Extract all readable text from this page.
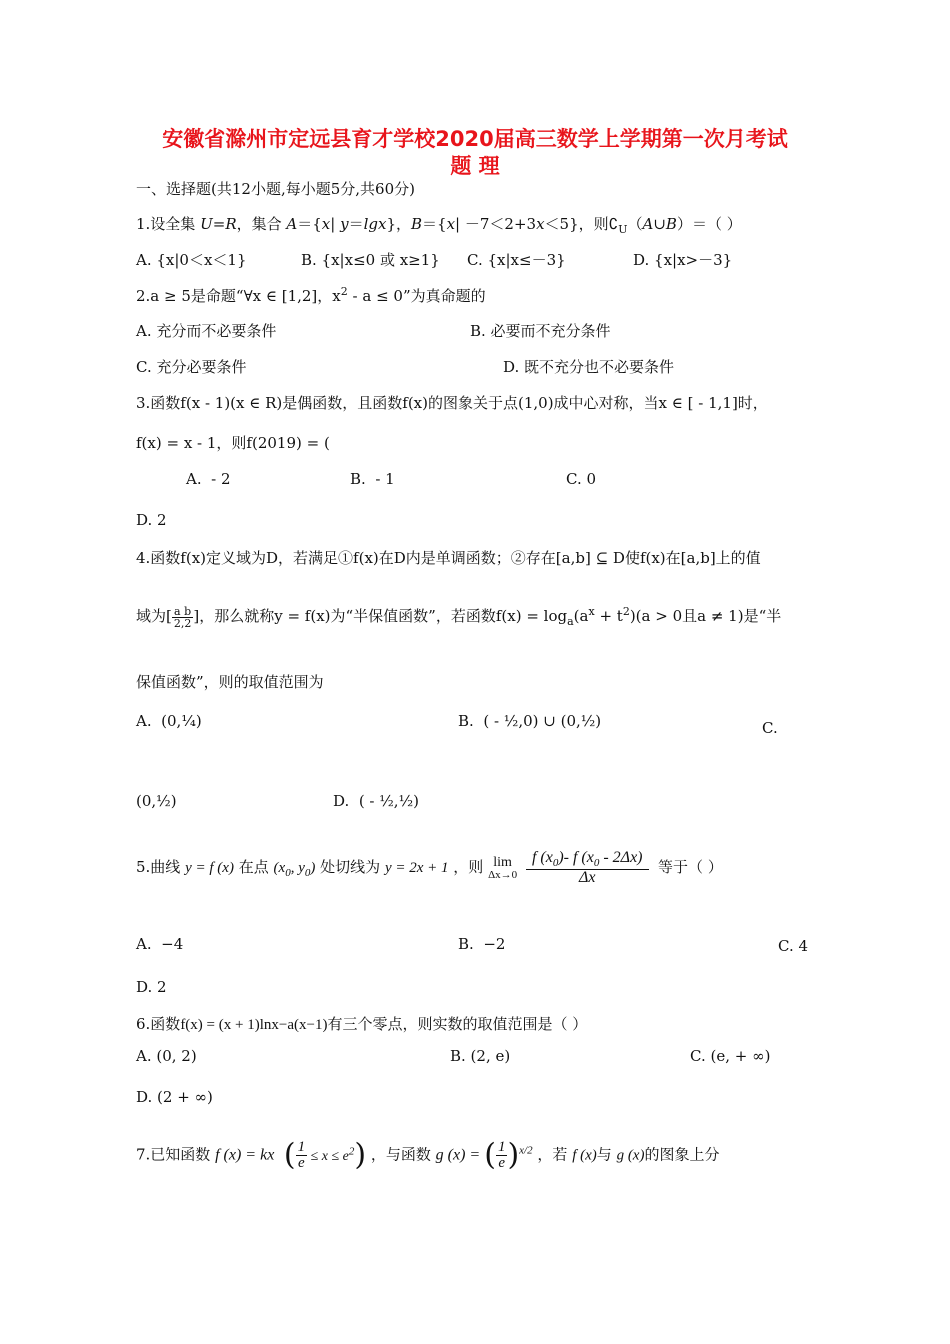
安徽省滁州市定远县育才学校2020届高三数学上学期第一次月考试
题 理
一、选择题(共12小题,每小题5分,共60分)
1.设全集 U=R，集合 A＝{x| y＝lgx}，B＝{x| －7＜2+3x＜5}，则$∁_U(A\cup B)=$（ ）
A. {x|0＜x＜1}	B. {x|x≤0 或 x≥1} C. {x|x≤－3}	D. {x|x>－3}
2.a ≥ 5是命题“∀x ∈ [1,2]，$x^2 - a \le 0$”为真命题的
A. 充分而不必要条件	B. 必要而不充分条件
C. 充分必要条件	D. 既不充分也不必要条件
3.函数f(x - 1)(x ∈ R)是偶函数，且函数f(x)的图象关于点(1,0)成中心对称，当x ∈ [ - 1,1]时，
f(x) = x - 1，则f(2019) = (
A. - 2	B. - 1	C. 0
D. 2
4.函数f(x)定义域为D，若满足①f(x)在D内是单调函数；②存在[a,b] ⊆ D使f(x)在[a,b]上的值
域为[ $\frac{\text{a b}}{2,2}$ ]，那么就称y = f(x)为“半保值函数”，若函数$f(x) = \log_a(a^x + t^2)(a > 0$且a ≠ 1)是“半
保值函数”，则的取值范围为
A. (0,¹⁄₄)	B. ( - ½,0) ∪ (0,½)	C.
(0,½)	D. ( - ½,½)
5.曲线 y = f (x) 在点 ($x_0$, $y_0$) 处切线为 y = 2x + 1 ，则 lim
Δx→0
$\frac{f (x_0)- f (x_0 - 2\Delta x)}{\Delta x}$ 等于（ ）
A. −4	B. −2	C. 4
D. 2
6.函数f(x) = (x + 1)lnx−a(x−1)有三个零点，则实数的取值范围是（ ）
A. (0, 2)	B. (2, e)	C. (e, + ∞)
D. (2 + ∞)
7.已知函数 f (x) = kx ( $\frac{1}{e} \le x \le e^2$) ，与函数 g (x) = ( $\frac{1}{e} )^{x/2}$ ，若 f (x)与 g (x)的图象上分
